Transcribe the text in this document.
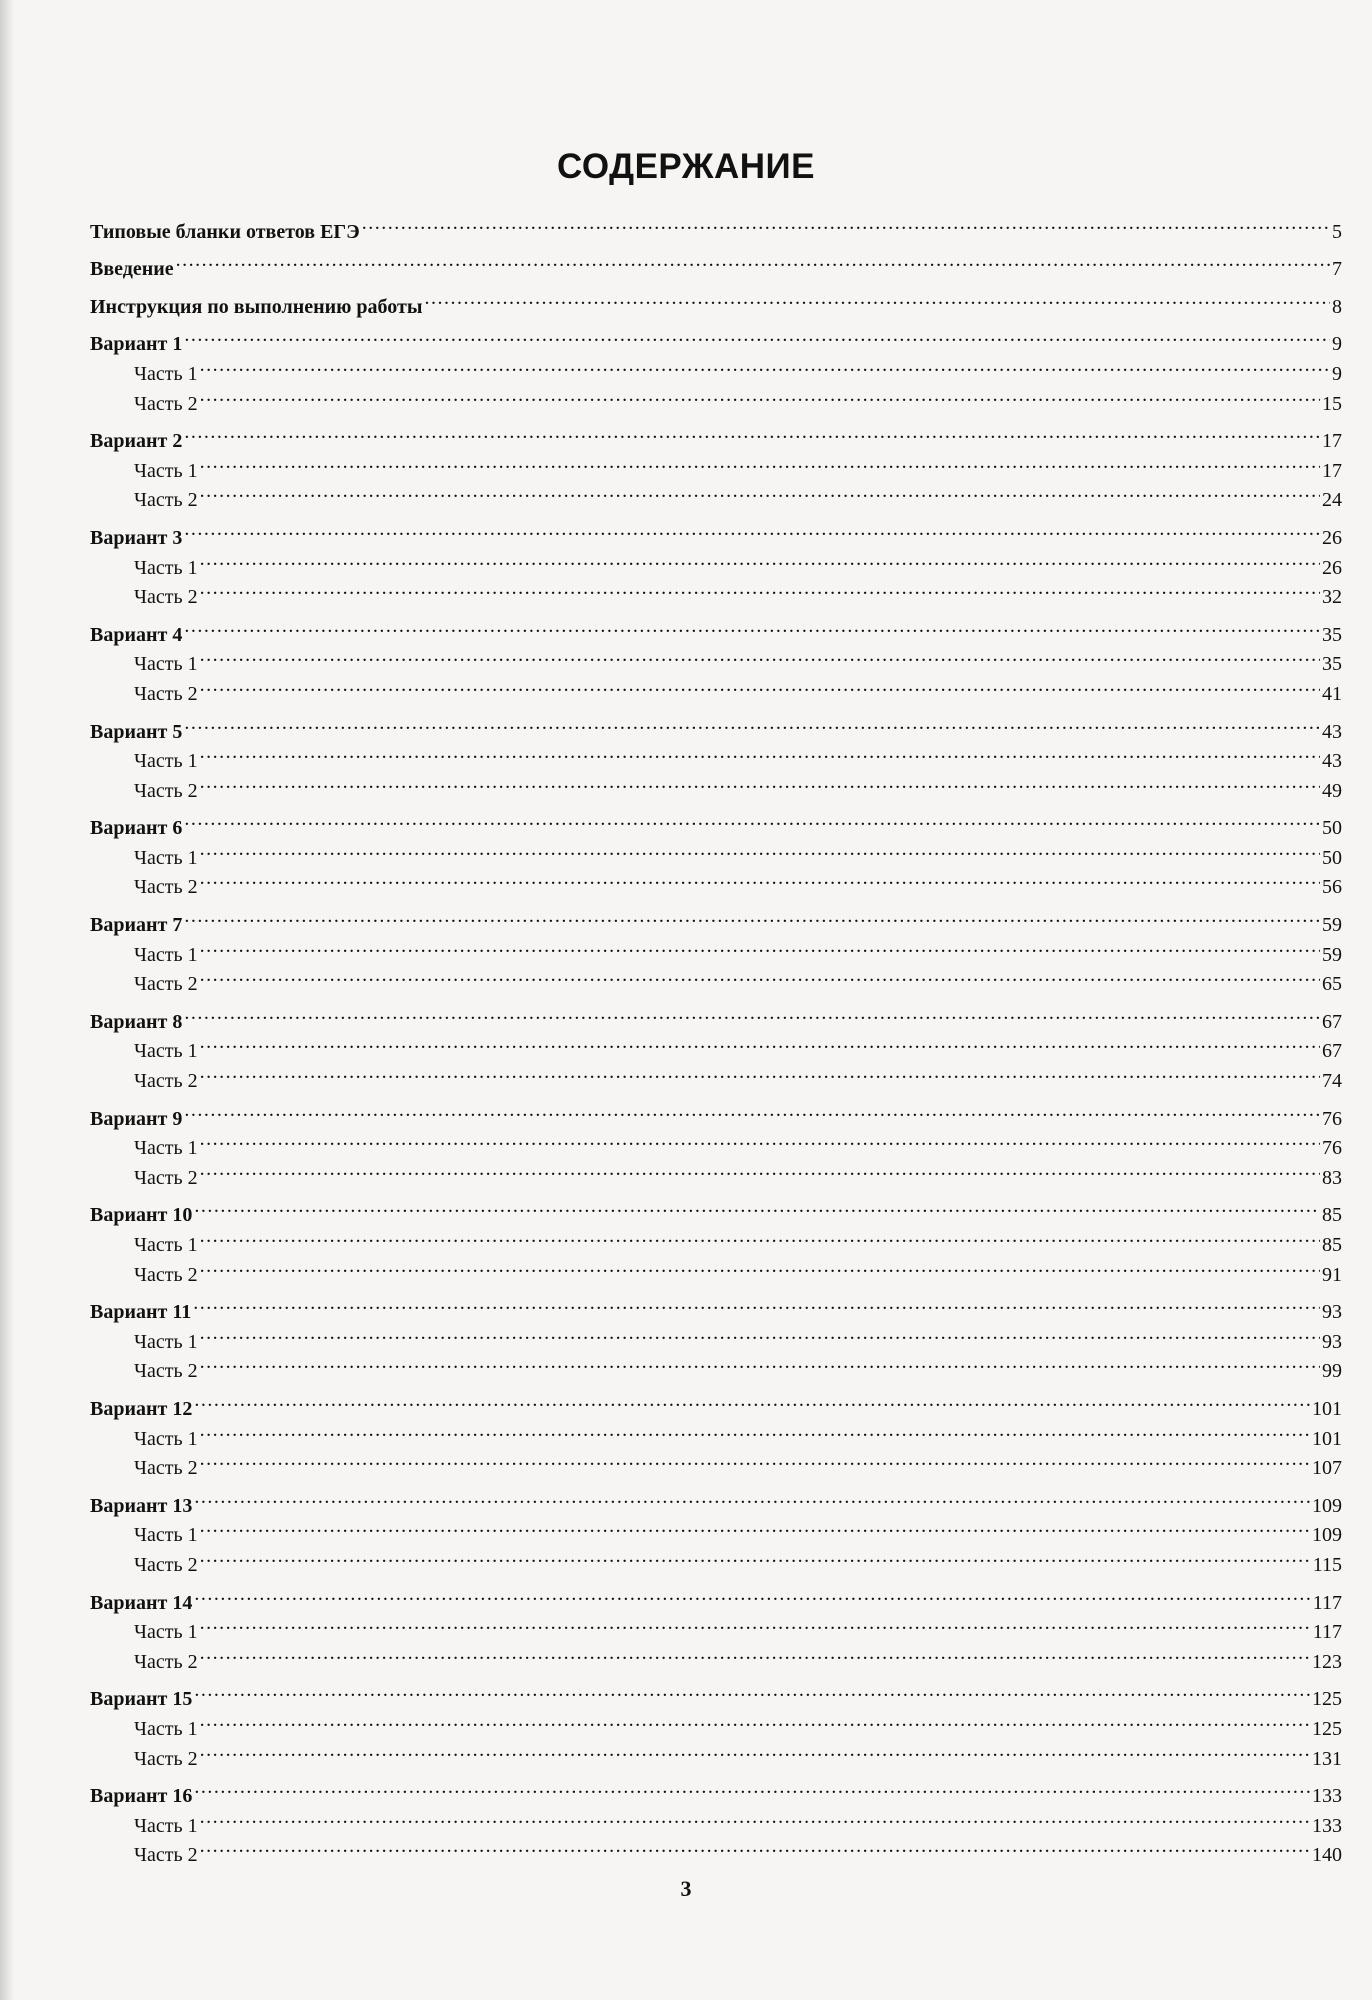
СОДЕРЖАНИЕ
Типовые бланки ответов ЕГЭ .....	5
Введение .....	7
Инструкция по выполнению работы .....	8
Вариант 1 .....	9
Часть 1 .....	9
Часть 2 .....	15
Вариант 2 .....	17
Часть 1 .....	17
Часть 2 .....	24
Вариант 3 .....	26
Часть 1 .....	26
Часть 2 .....	32
Вариант 4 .....	35
Часть 1 .....	35
Часть 2 .....	41
Вариант 5 .....	43
Часть 1 .....	43
Часть 2 .....	49
Вариант 6 .....	50
Часть 1 .....	50
Часть 2 .....	56
Вариант 7 .....	59
Часть 1 .....	59
Часть 2 .....	65
Вариант 8 .....	67
Часть 1 .....	67
Часть 2 .....	74
Вариант 9 .....	76
Часть 1 .....	76
Часть 2 .....	83
Вариант 10 .....	85
Часть 1 .....	85
Часть 2 .....	91
Вариант 11 .....	93
Часть 1 .....	93
Часть 2 .....	99
Вариант 12 .....	101
Часть 1 .....	101
Часть 2 .....	107
Вариант 13 .....	109
Часть 1 .....	109
Часть 2 .....	115
Вариант 14 .....	117
Часть 1 .....	117
Часть 2 .....	123
Вариант 15 .....	125
Часть 1 .....	125
Часть 2 .....	131
Вариант 16 .....	133
Часть 1 .....	133
Часть 2 .....	140
3
